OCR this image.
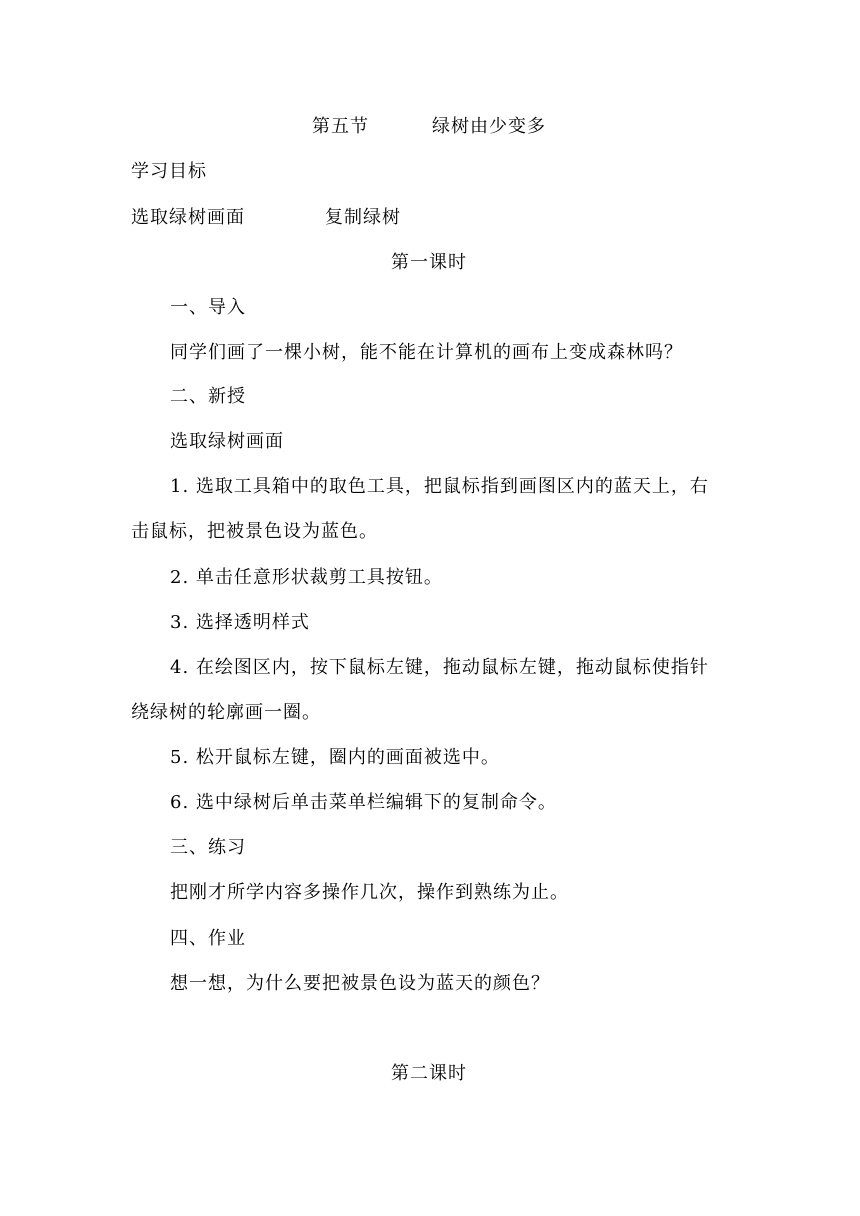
第五节	绿树由少变多
学习目标
选取绿树画面	复制绿树
第一课时
一、导入
同学们画了一棵小树，能不能在计算机的画布上变成森林吗？
二、新授
选取绿树画面
1. 选取工具箱中的取色工具，把鼠标指到画图区内的蓝天上，右
击鼠标，把被景色设为蓝色。
2. 单击任意形状裁剪工具按钮。
3. 选择透明样式
4. 在绘图区内，按下鼠标左键，拖动鼠标左键，拖动鼠标使指针
绕绿树的轮廓画一圈。
5. 松开鼠标左键，圈内的画面被选中。
6. 选中绿树后单击菜单栏编辑下的复制命令。
三、练习
把刚才所学内容多操作几次，操作到熟练为止。
四、作业
想一想，为什么要把被景色设为蓝天的颜色？
第二课时
